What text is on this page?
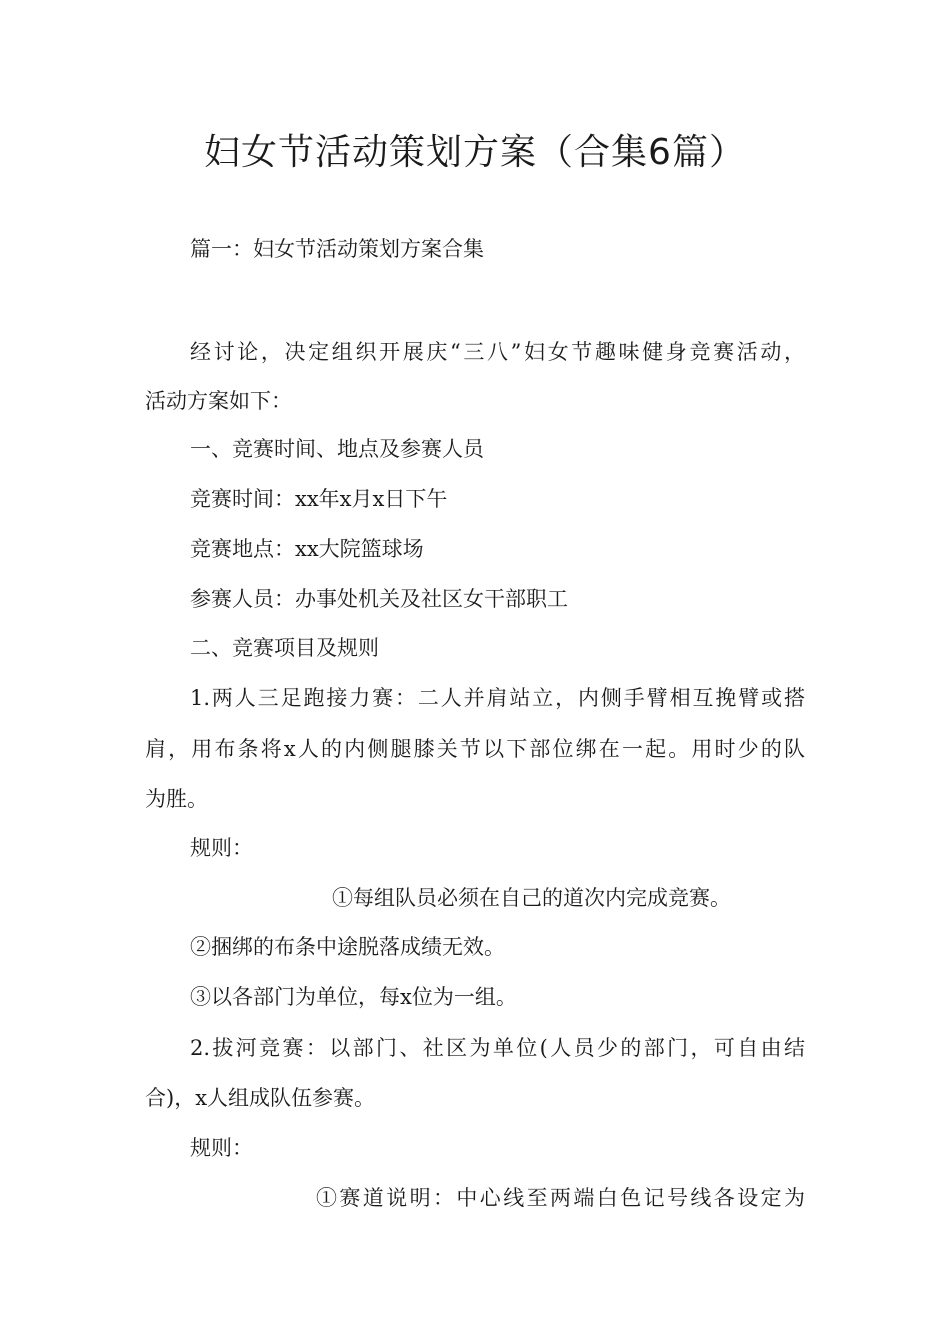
妇女节活动策划方案（合集6篇）
篇一：妇女节活动策划方案合集
经讨论，决定组织开展庆“三八”妇女节趣味健身竞赛活动，
活动方案如下：
一、竞赛时间、地点及参赛人员
竞赛时间：xx年x月x日下午
竞赛地点：xx大院篮球场
参赛人员：办事处机关及社区女干部职工
二、竞赛项目及规则
1.两人三足跑接力赛：二人并肩站立，内侧手臂相互挽臂或搭
肩，用布条将x人的内侧腿膝关节以下部位绑在一起。用时少的队
为胜。
规则：
①每组队员必须在自己的道次内完成竞赛。
②捆绑的布条中途脱落成绩无效。
③以各部门为单位，每x位为一组。
2.拔河竞赛：以部门、社区为单位(人员少的部门，可自由结
合)，x人组成队伍参赛。
规则：
①赛道说明：中心线至两端白色记号线各设定为
